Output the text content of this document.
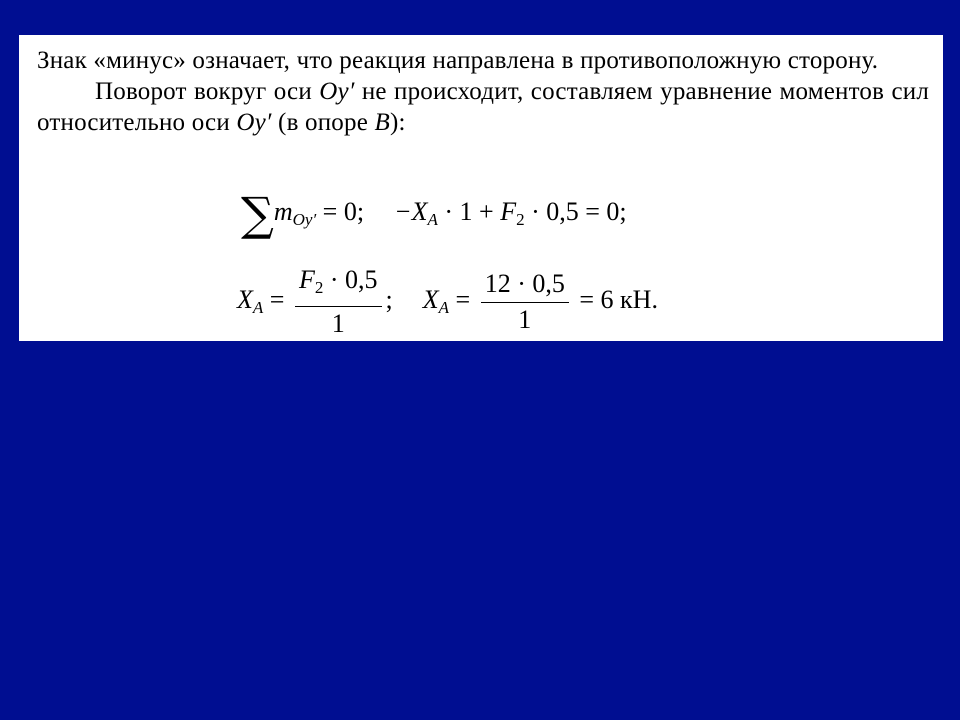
Знак «минус» означает, что реакция направлена в противоположную сторону.

Поворот вокруг оси Oy′ не происходит, составляем уравнение моментов сил относительно оси Oy′ (в опоре B):

$\sum m_{Oy'} = 0$; $-X_A \cdot 1 + F_2 \cdot 0,5 = 0$;
$X_A = \frac{F_2 \cdot 0,5}{1}$ ; $X_A = \frac{12 \cdot 0,5}{1} = 6$ кН.
